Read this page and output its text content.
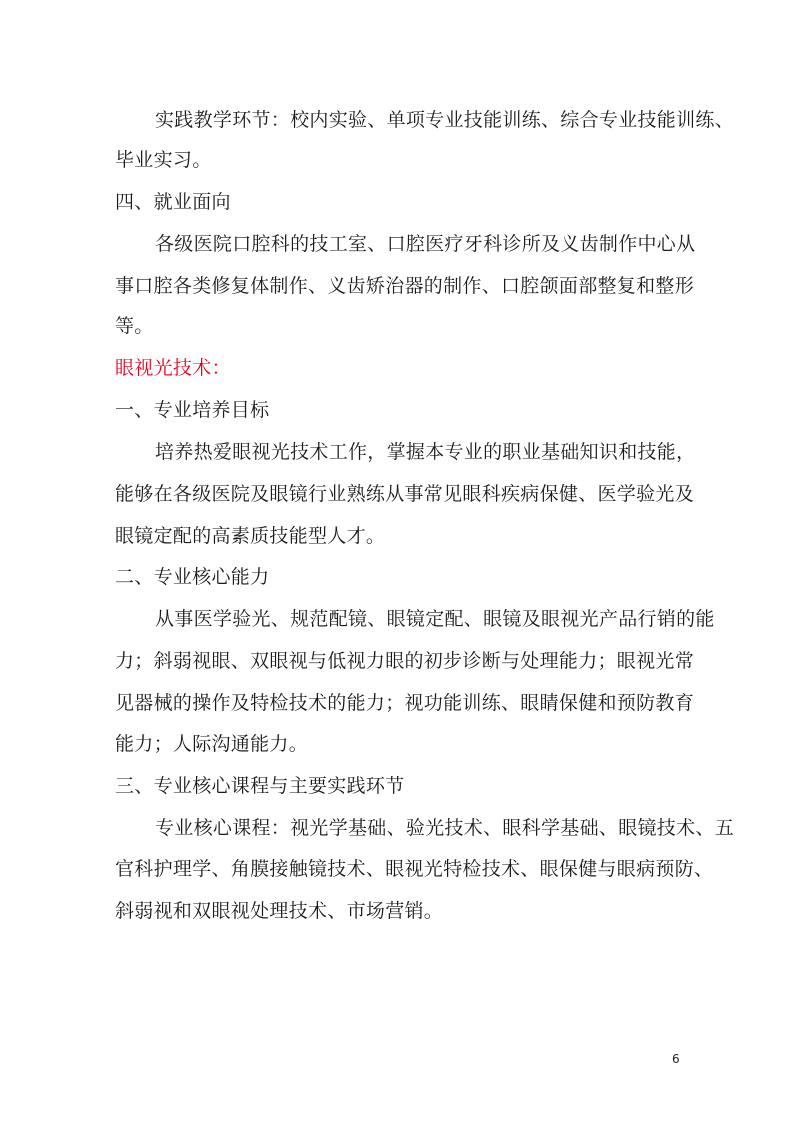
实践教学环节：校内实验、单项专业技能训练、综合专业技能训练、
毕业实习。
四、就业面向
各级医院口腔科的技工室、口腔医疗牙科诊所及义齿制作中心从
事口腔各类修复体制作、义齿矫治器的制作、口腔颌面部整复和整形
等。
眼视光技术：
一、专业培养目标
培养热爱眼视光技术工作，掌握本专业的职业基础知识和技能，
能够在各级医院及眼镜行业熟练从事常见眼科疾病保健、医学验光及
眼镜定配的高素质技能型人才。
二、专业核心能力
从事医学验光、规范配镜、眼镜定配、眼镜及眼视光产品行销的能
力；斜弱视眼、双眼视与低视力眼的初步诊断与处理能力；眼视光常
见器械的操作及特检技术的能力；视功能训练、眼睛保健和预防教育
能力；人际沟通能力。
三、专业核心课程与主要实践环节
专业核心课程：视光学基础、验光技术、眼科学基础、眼镜技术、五
官科护理学、角膜接触镜技术、眼视光特检技术、眼保健与眼病预防、
斜弱视和双眼视处理技术、市场营销。
6
